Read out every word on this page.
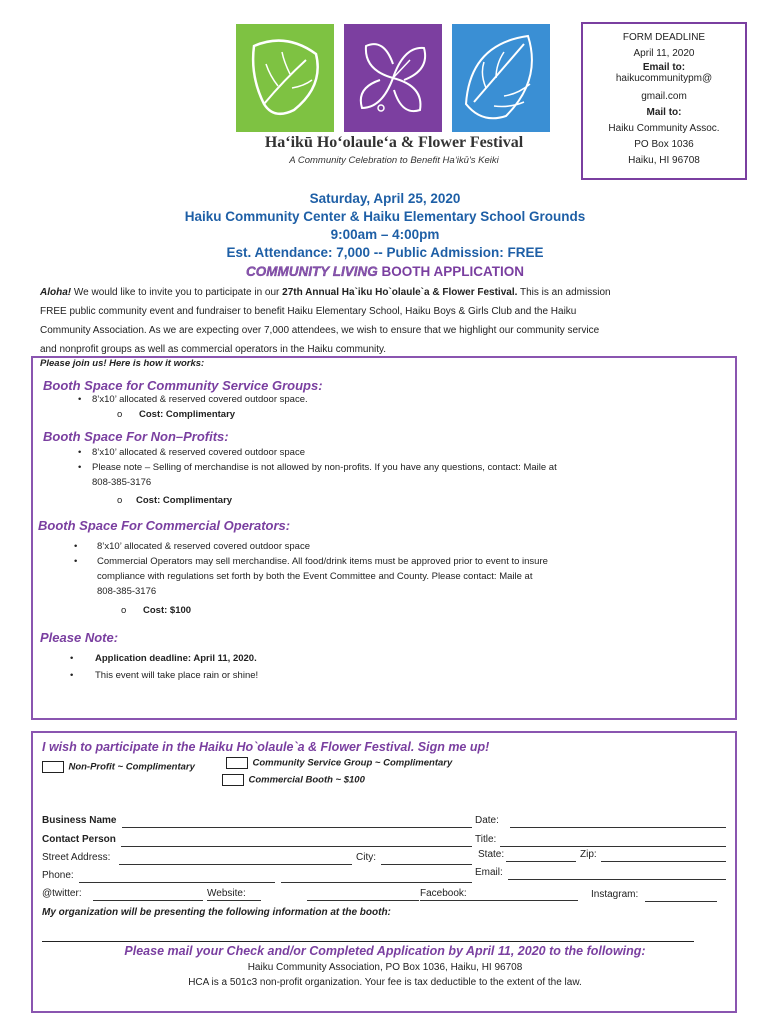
Haʻikū Hoʻolauleʻa & Flower Festival
A Community Celebration to Benefit Haʻikū's Keiki
FORM DEADLINE
April 11, 2020
Email to:
haikucommunitypm@
gmail.com
Mail to:
Haiku Community Assoc.
PO Box 1036
Haiku, HI 96708
Saturday, April 25, 2020
Haiku Community Center & Haiku Elementary School Grounds
9:00am – 4:00pm
Est. Attendance: 7,000 -- Public Admission: FREE
COMMUNITY LIVING BOOTH APPLICATION
Aloha! We would like to invite you to participate in our 27th Annual Ha`iku Ho`olaule`a & Flower Festival. This is an admission
FREE public community event and fundraiser to benefit Haiku Elementary School, Haiku Boys & Girls Club and the Haiku
Community Association. As we are expecting over 7,000 attendees, we wish to ensure that we highlight our community service
and nonprofit groups as well as commercial operators in the Haiku community.
Please join us! Here is how it works:
Booth Space for Community Service Groups:
• 8’x10’ allocated & reserved covered outdoor space.
o Cost: Complimentary
Booth Space For Non–Profits:
• 8’x10’ allocated & reserved covered outdoor space
• Please note – Selling of merchandise is not allowed by non-profits. If you have any questions, contact: Maile at
808-385-3176
o Cost: Complimentary
Booth Space For Commercial Operators:
• 8’x10’ allocated & reserved covered outdoor space
• Commercial Operators may sell merchandise. All food/drink items must be approved prior to event to insure
compliance with regulations set forth by both the Event Committee and County. Please contact: Maile at
808-385-3176
o Cost: $100
Please Note:
• Application deadline: April 11, 2020.
• This event will take place rain or shine!
I wish to participate in the Haiku Ho`olaule`a & Flower Festival. Sign me up!
Non-Profit ~ Complimentary	Community Service Group ~ Complimentary
Commercial Booth ~ $100
Business Name	Date:
Contact Person	Title:
Street Address:	City:	State:	Zip:
Phone:	Email:
@twitter:	Website:	Facebook:	Instagram:
My organization will be presenting the following information at the booth:
Please mail your Check and/or Completed Application by April 11, 2020 to the following:
Haiku Community Association, PO Box 1036, Haiku, HI 96708
HCA is a 501c3 non-profit organization. Your fee is tax deductible to the extent of the law.
